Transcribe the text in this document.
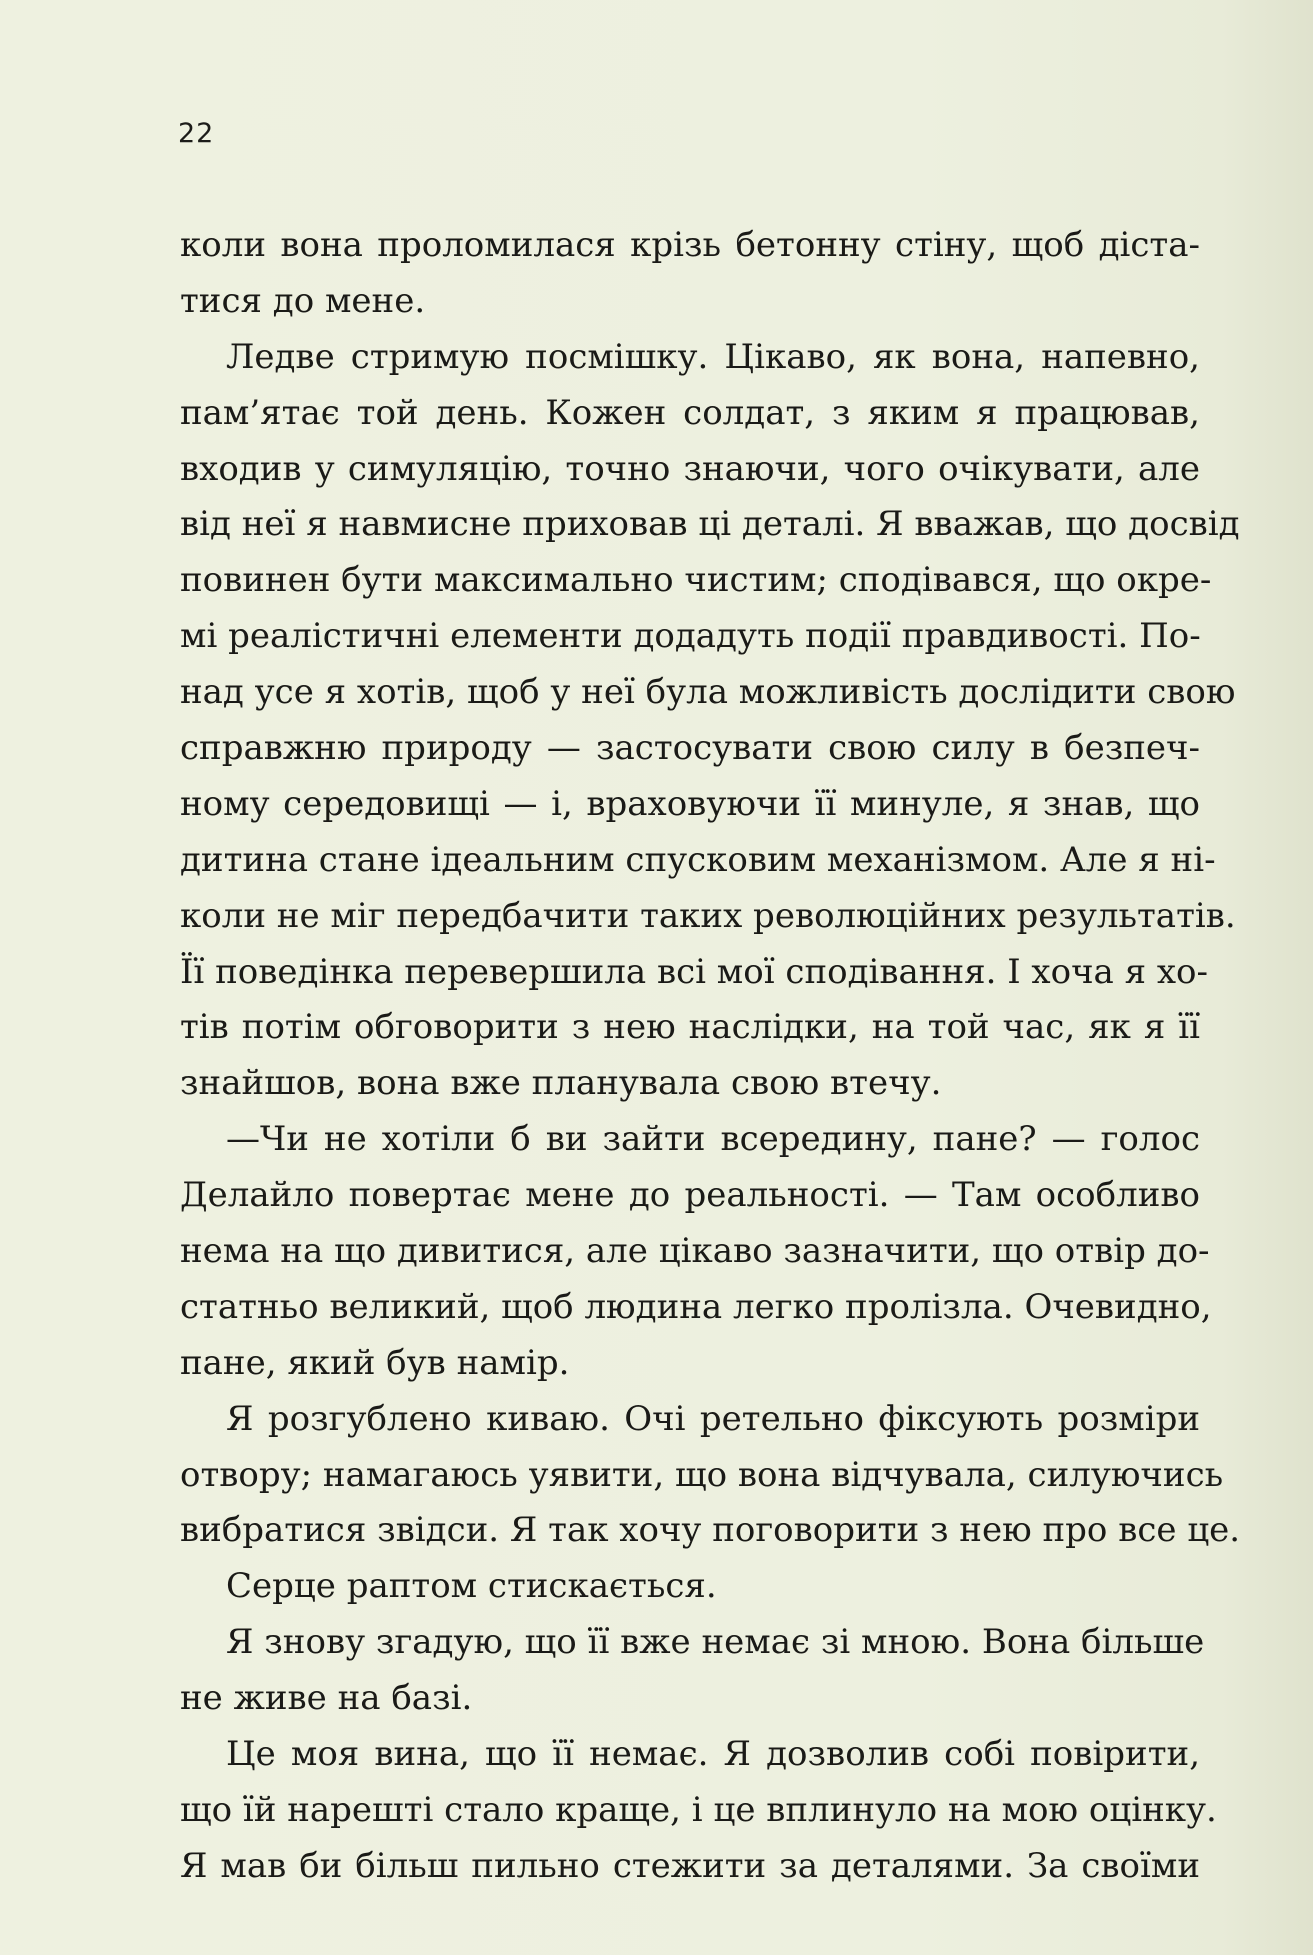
22
коли вона проломилася крізь бетонну стіну, щоб діста-
тися до мене.
Ледве стримую посмішку. Цікаво, як вона, напевно,
пам’ятає той день. Кожен солдат, з яким я працював,
входив у симуляцію, точно знаючи, чого очікувати, але
від неї я навмисне приховав ці деталі. Я вважав, що досвід
повинен бути максимально чистим; сподівався, що окре-
мі реалістичні елементи додадуть події правдивості. По-
над усе я хотів, щоб у неї була можливість дослідити свою
справжню природу — застосувати свою силу в безпеч-
ному середовищі — і, враховуючи її минуле, я знав, що
дитина стане ідеальним спусковим механізмом. Але я ні-
коли не міг передбачити таких революційних результатів.
Її поведінка перевершила всі мої сподівання. І хоча я хо-
тів потім обговорити з нею наслідки, на той час, як я її
знайшов, вона вже планувала свою втечу.
—Чи не хотіли б ви зайти всередину, пане? — голос
Делайло повертає мене до реальності. — Там особливо
нема на що дивитися, але цікаво зазначити, що отвір до-
статньо великий, щоб людина легко пролізла. Очевидно,
пане, який був намір.
Я розгублено киваю. Очі ретельно фіксують розміри
отвору; намагаюсь уявити, що вона відчувала, силуючись
вибратися звідси. Я так хочу поговорити з нею про все це.
Серце раптом стискається.
Я знову згадую, що її вже немає зі мною. Вона більше
не живе на базі.
Це моя вина, що її немає. Я дозволив собі повірити,
що їй нарешті стало краще, і це вплинуло на мою оцінку.
Я мав би більш пильно стежити за деталями. За своїми
